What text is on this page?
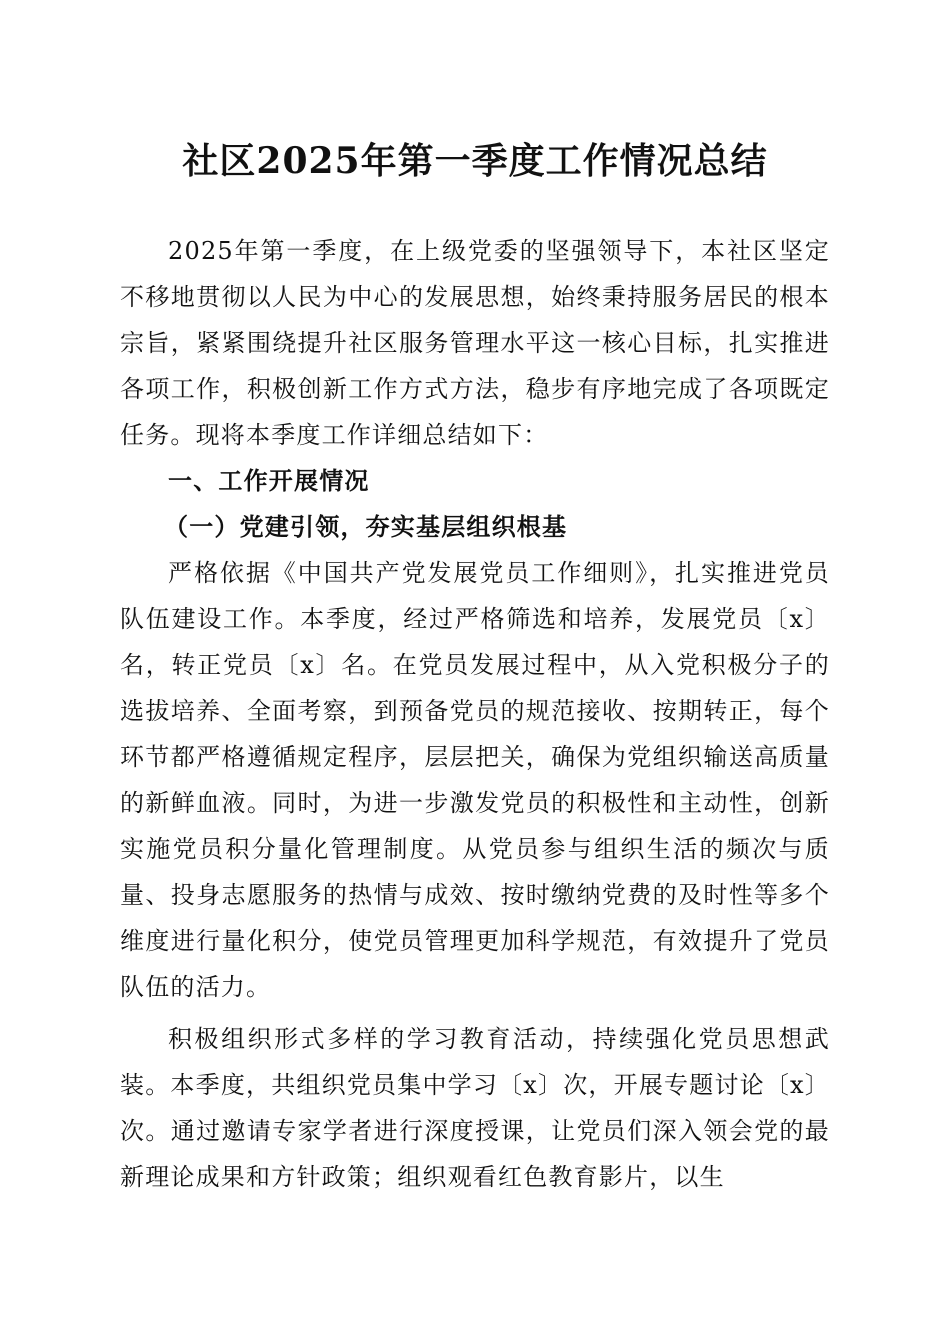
社区2025年第一季度工作情况总结

2025年第一季度，在上级党委的坚强领导下，本社区坚定不移地贯彻以人民为中心的发展思想，始终秉持服务居民的根本宗旨，紧紧围绕提升社区服务管理水平这一核心目标，扎实推进各项工作，积极创新工作方式方法，稳步有序地完成了各项既定任务。现将本季度工作详细总结如下：

一、工作开展情况
（一）党建引领，夯实基层组织根基

严格依据《中国共产党发展党员工作细则》，扎实推进党员队伍建设工作。本季度，经过严格筛选和培养，发展党员〔x〕名，转正党员〔x〕名。在党员发展过程中，从入党积极分子的选拔培养、全面考察，到预备党员的规范接收、按期转正，每个环节都严格遵循规定程序，层层把关，确保为党组织输送高质量的新鲜血液。同时，为进一步激发党员的积极性和主动性，创新实施党员积分量化管理制度。从党员参与组织生活的频次与质量、投身志愿服务的热情与成效、按时缴纳党费的及时性等多个维度进行量化积分，使党员管理更加科学规范，有效提升了党员队伍的活力。

积极组织形式多样的学习教育活动，持续强化党员思想武装。本季度，共组织党员集中学习〔x〕次，开展专题讨论〔x〕次。通过邀请专家学者进行深度授课，让党员们深入领会党的最新理论成果和方针政策；组织观看红色教育影片，以生
